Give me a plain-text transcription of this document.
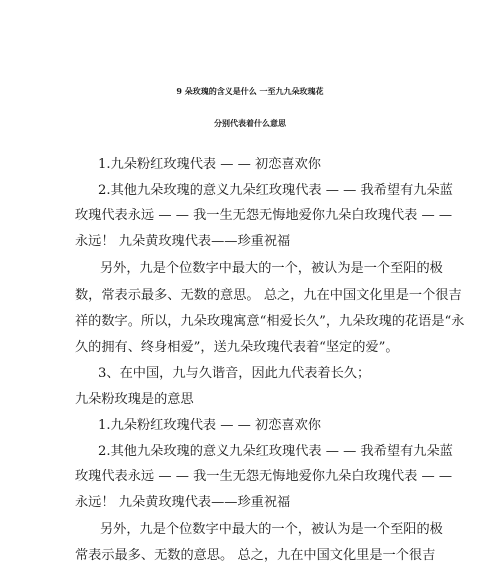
9 朵玫瑰的含义是什么 一至九九朵玫瑰花
分别代表着什么意思
1.九朵粉红玫瑰代表 — — 初恋喜欢你
2.其他九朵玫瑰的意义九朵红玫瑰代表 — — 我希望有九朵蓝
玫瑰代表永远 — — 我一生无怨无悔地爱你九朵白玫瑰代表 — —
永远！ 九朵黄玫瑰代表——珍重祝福
另外，九是个位数字中最大的一个，被认为是一个至阳的极
数，常表示最多、无数的意思。 总之，九在中国文化里是一个很吉
祥的数字。所以，九朵玫瑰寓意“相爱长久”，九朵玫瑰的花语是“永
久的拥有、终身相爱”，送九朵玫瑰代表着“坚定的爱”。
3、在中国，九与久谐音，因此九代表着长久；
九朵粉玫瑰是的意思
1.九朵粉红玫瑰代表 — — 初恋喜欢你
2.其他九朵玫瑰的意义九朵红玫瑰代表 — — 我希望有九朵蓝
玫瑰代表永远 — — 我一生无怨无悔地爱你九朵白玫瑰代表 — —
永远！ 九朵黄玫瑰代表——珍重祝福
另外，九是个位数字中最大的一个，被认为是一个至阳的极
常表示最多、无数的意思。 总之，九在中国文化里是一个很吉
